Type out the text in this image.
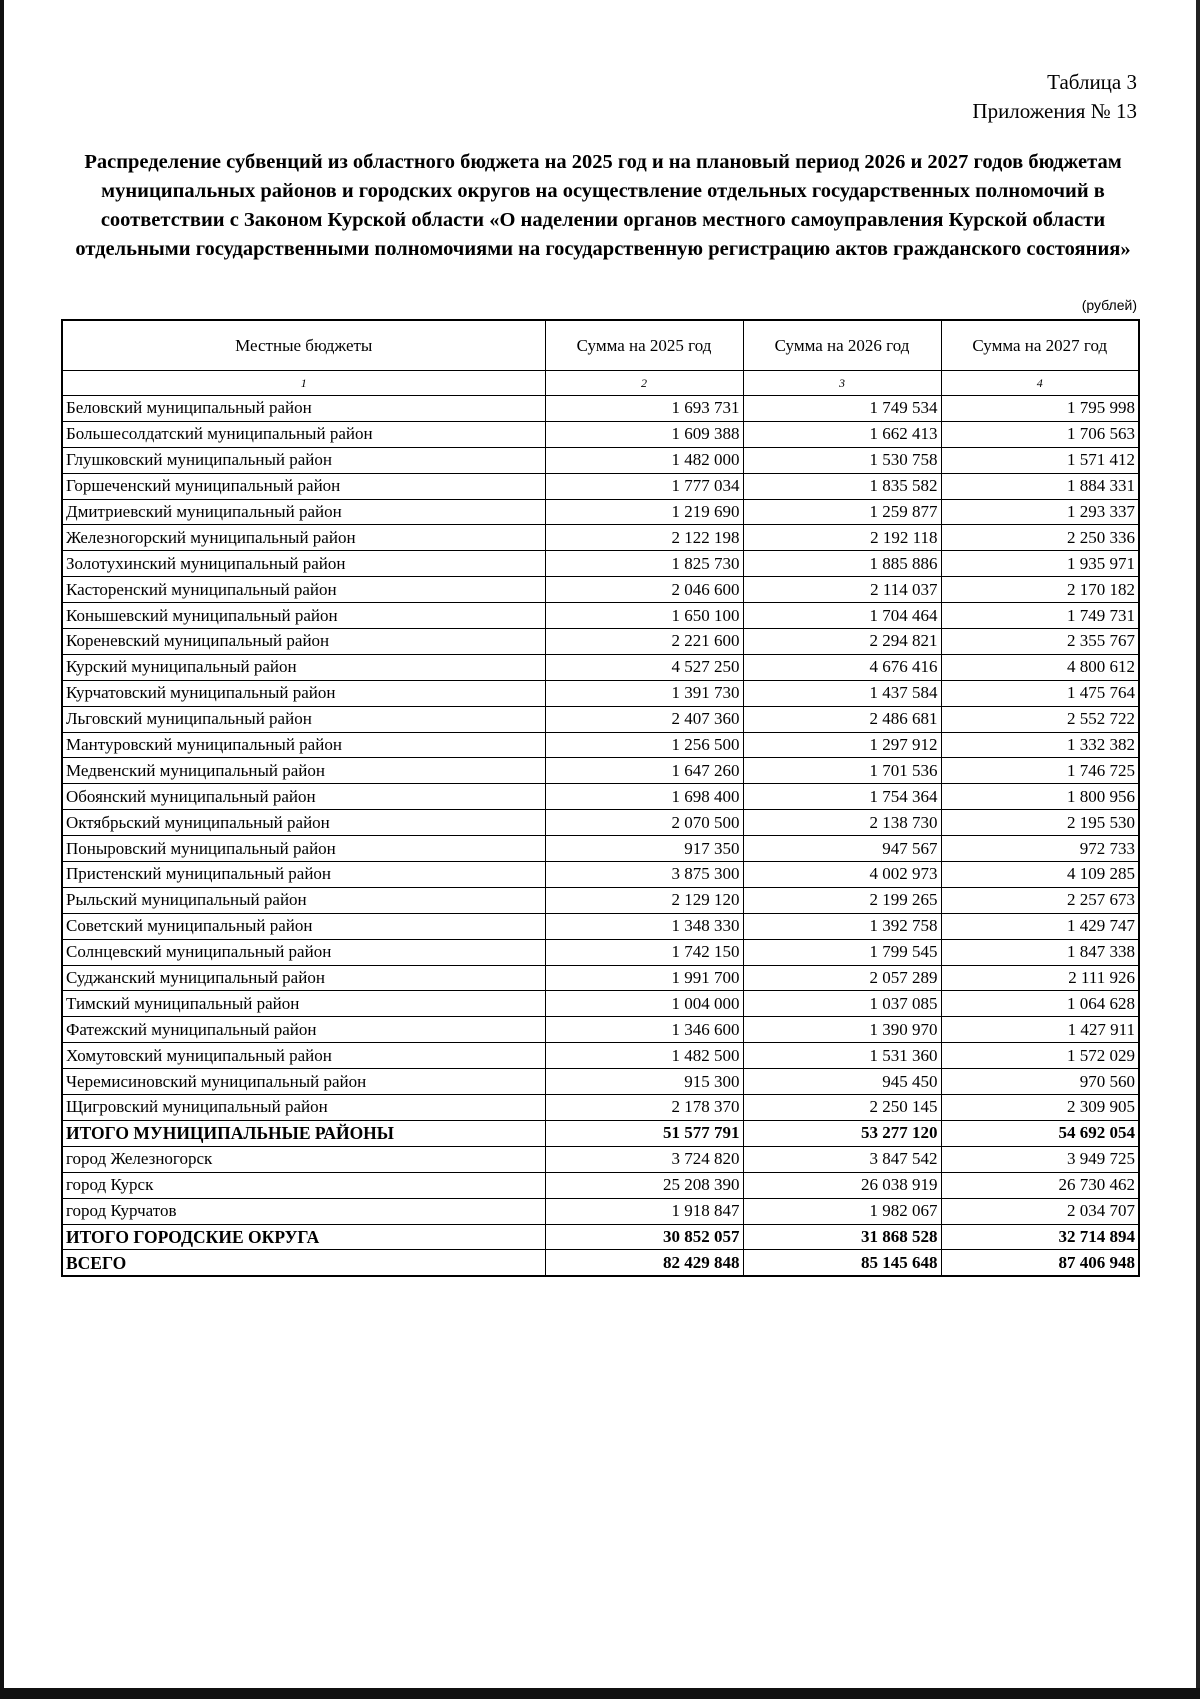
Таблица 3
Приложения № 13
Распределение субвенций из областного бюджета на 2025 год и на плановый период 2026 и 2027 годов бюджетам муниципальных районов и городских округов на осуществление отдельных государственных полномочий в соответствии с Законом Курской области «О наделении органов местного самоуправления Курской области отдельными государственными полномочиями на государственную регистрацию актов гражданского состояния»
(рублей)
Местные бюджеты	Сумма на 2025 год	Сумма на 2026 год	Сумма на 2027 год
1	2	3	4
Беловский муниципальный район	1 693 731	1 749 534	1 795 998
Большесолдатский муниципальный район	1 609 388	1 662 413	1 706 563
Глушковский муниципальный район	1 482 000	1 530 758	1 571 412
Горшеченский муниципальный район	1 777 034	1 835 582	1 884 331
Дмитриевский муниципальный район	1 219 690	1 259 877	1 293 337
Железногорский муниципальный район	2 122 198	2 192 118	2 250 336
Золотухинский муниципальный район	1 825 730	1 885 886	1 935 971
Касторенский муниципальный район	2 046 600	2 114 037	2 170 182
Конышевский муниципальный район	1 650 100	1 704 464	1 749 731
Кореневский муниципальный район	2 221 600	2 294 821	2 355 767
Курский муниципальный район	4 527 250	4 676 416	4 800 612
Курчатовский муниципальный район	1 391 730	1 437 584	1 475 764
Льговский муниципальный район	2 407 360	2 486 681	2 552 722
Мантуровский муниципальный район	1 256 500	1 297 912	1 332 382
Медвенский муниципальный район	1 647 260	1 701 536	1 746 725
Обоянский муниципальный район	1 698 400	1 754 364	1 800 956
Октябрьский муниципальный район	2 070 500	2 138 730	2 195 530
Поныровский муниципальный район	917 350	947 567	972 733
Пристенский муниципальный район	3 875 300	4 002 973	4 109 285
Рыльский муниципальный район	2 129 120	2 199 265	2 257 673
Советский муниципальный район	1 348 330	1 392 758	1 429 747
Солнцевский муниципальный район	1 742 150	1 799 545	1 847 338
Суджанский муниципальный район	1 991 700	2 057 289	2 111 926
Тимский муниципальный район	1 004 000	1 037 085	1 064 628
Фатежский муниципальный район	1 346 600	1 390 970	1 427 911
Хомутовский муниципальный район	1 482 500	1 531 360	1 572 029
Черемисиновский муниципальный район	915 300	945 450	970 560
Щигровский муниципальный район	2 178 370	2 250 145	2 309 905
ИТОГО МУНИЦИПАЛЬНЫЕ РАЙОНЫ	51 577 791	53 277 120	54 692 054
город Железногорск	3 724 820	3 847 542	3 949 725
город Курск	25 208 390	26 038 919	26 730 462
город Курчатов	1 918 847	1 982 067	2 034 707
ИТОГО ГОРОДСКИЕ ОКРУГА	30 852 057	31 868 528	32 714 894
ВСЕГО	82 429 848	85 145 648	87 406 948
